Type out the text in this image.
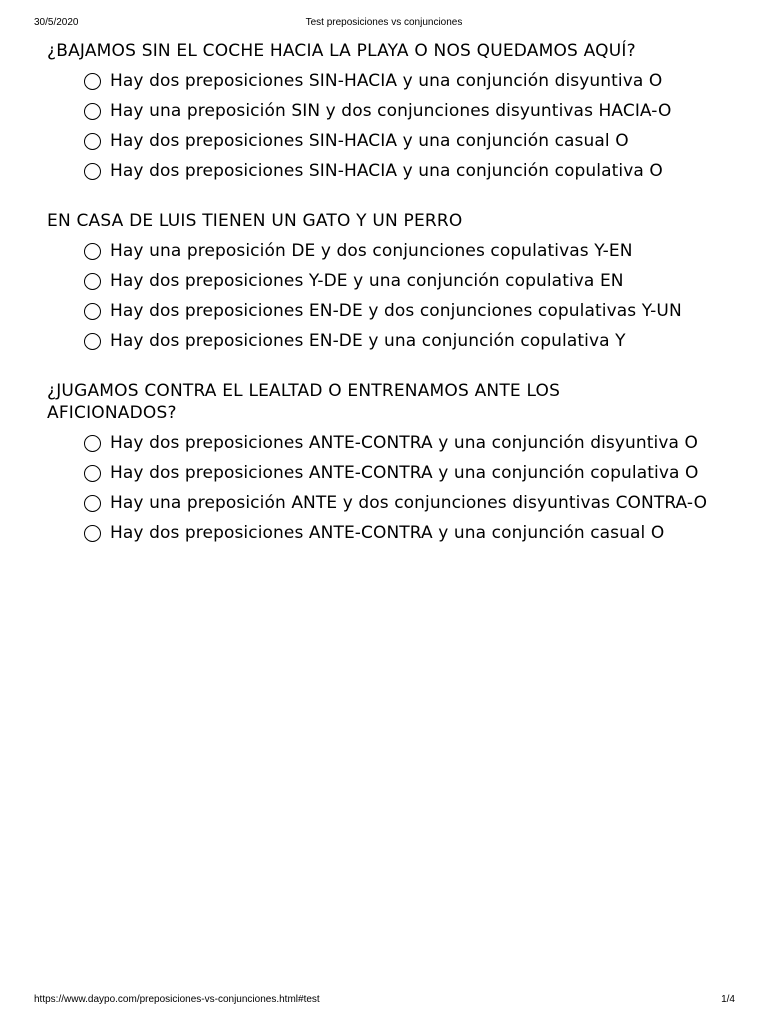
30/5/2020	Test preposiciones vs conjunciones
¿BAJAMOS SIN EL COCHE HACIA LA PLAYA O NOS QUEDAMOS AQUÍ?
Hay dos preposiciones SIN-HACIA y una conjunción disyuntiva O
Hay una preposición SIN y dos conjunciones disyuntivas HACIA-O
Hay dos preposiciones SIN-HACIA y una conjunción casual O
Hay dos preposiciones SIN-HACIA y una conjunción copulativa O
EN CASA DE LUIS TIENEN UN GATO Y UN PERRO
Hay una preposición DE y dos conjunciones copulativas Y-EN
Hay dos preposiciones Y-DE y una conjunción copulativa EN
Hay dos preposiciones EN-DE y dos conjunciones copulativas Y-UN
Hay dos preposiciones EN-DE y una conjunción copulativa Y
¿JUGAMOS CONTRA EL LEALTAD O ENTRENAMOS ANTE LOS AFICIONADOS?
Hay dos preposiciones ANTE-CONTRA y una conjunción disyuntiva O
Hay dos preposiciones ANTE-CONTRA y una conjunción copulativa O
Hay una preposición ANTE y dos conjunciones disyuntivas CONTRA-O
Hay dos preposiciones ANTE-CONTRA y una conjunción casual O
https://www.daypo.com/preposiciones-vs-conjunciones.html#test	1/4
